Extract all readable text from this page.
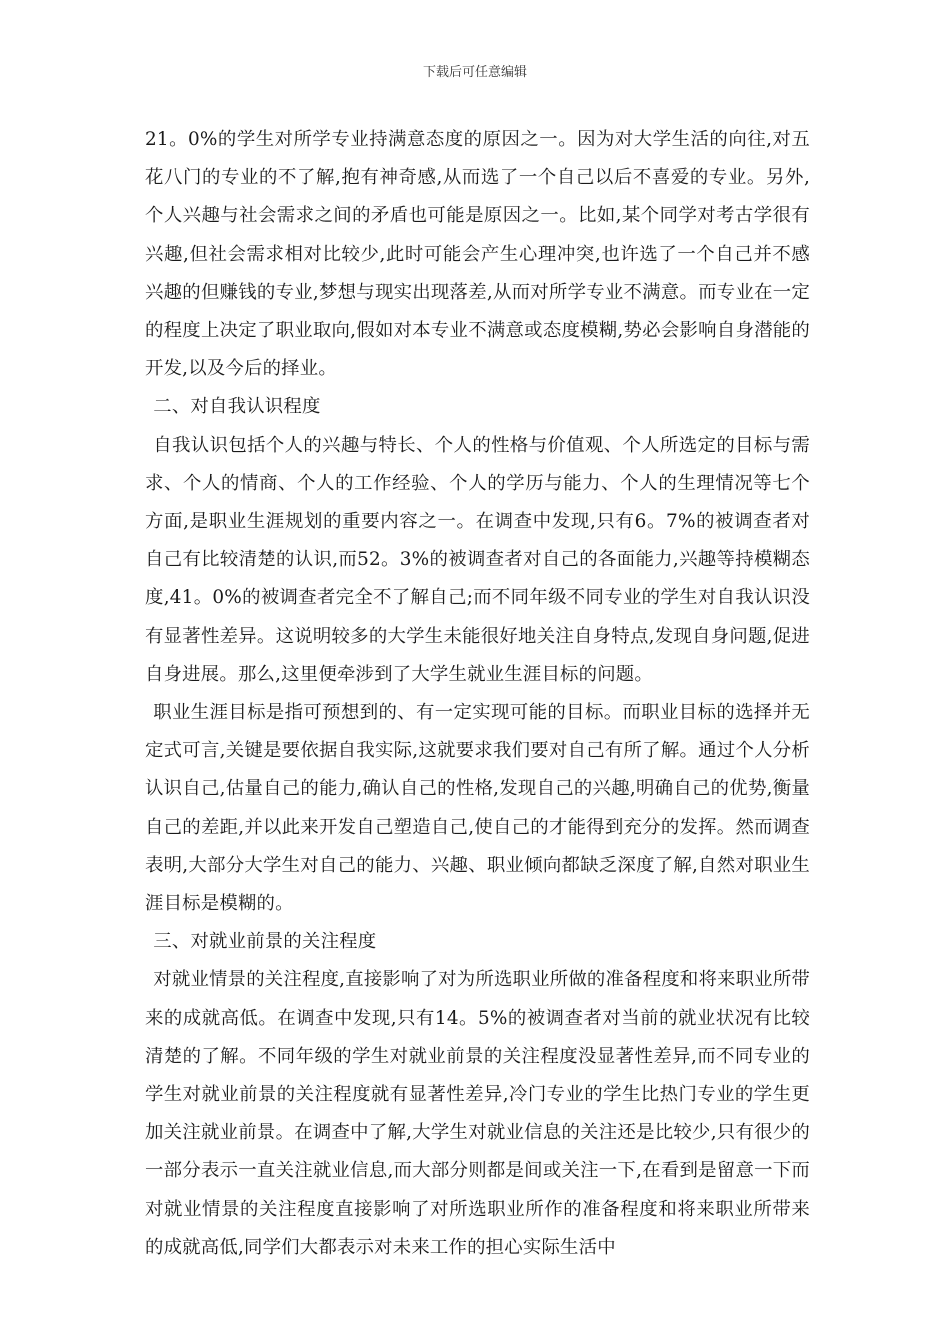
下载后可任意编辑

21。0%的学生对所学专业持满意态度的原因之一。因为对大学生活的向往,对五花八门的专业的不了解,抱有神奇感,从而选了一个自己以后不喜爱的专业。另外,个人兴趣与社会需求之间的矛盾也可能是原因之一。比如,某个同学对考古学很有兴趣,但社会需求相对比较少,此时可能会产生心理冲突,也许选了一个自己并不感兴趣的但赚钱的专业,梦想与现实出现落差,从而对所学专业不满意。而专业在一定的程度上决定了职业取向,假如对本专业不满意或态度模糊,势必会影响自身潜能的开发,以及今后的择业。

二、对自我认识程度

自我认识包括个人的兴趣与特长、个人的性格与价值观、个人所选定的目标与需求、个人的情商、个人的工作经验、个人的学历与能力、个人的生理情况等七个方面,是职业生涯规划的重要内容之一。在调查中发现,只有6。7%的被调查者对自己有比较清楚的认识,而52。3%的被调查者对自己的各面能力,兴趣等持模糊态度,41。0%的被调查者完全不了解自己;而不同年级不同专业的学生对自我认识没有显著性差异。这说明较多的大学生未能很好地关注自身特点,发现自身问题,促进自身进展。那么,这里便牵涉到了大学生就业生涯目标的问题。

职业生涯目标是指可预想到的、有一定实现可能的目标。而职业目标的选择并无定式可言,关键是要依据自我实际,这就要求我们要对自己有所了解。通过个人分析认识自己,估量自己的能力,确认自己的性格,发现自己的兴趣,明确自己的优势,衡量自己的差距,并以此来开发自己塑造自己,使自己的才能得到充分的发挥。然而调查表明,大部分大学生对自己的能力、兴趣、职业倾向都缺乏深度了解,自然对职业生涯目标是模糊的。

三、对就业前景的关注程度

对就业情景的关注程度,直接影响了对为所选职业所做的准备程度和将来职业所带来的成就高低。在调查中发现,只有14。5%的被调查者对当前的就业状况有比较清楚的了解。不同年级的学生对就业前景的关注程度没显著性差异,而不同专业的学生对就业前景的关注程度就有显著性差异,冷门专业的学生比热门专业的学生更加关注就业前景。在调查中了解,大学生对就业信息的关注还是比较少,只有很少的一部分表示一直关注就业信息,而大部分则都是间或关注一下,在看到是留意一下而对就业情景的关注程度直接影响了对所选职业所作的准备程度和将来职业所带来的成就高低,同学们大都表示对未来工作的担心实际生活中
